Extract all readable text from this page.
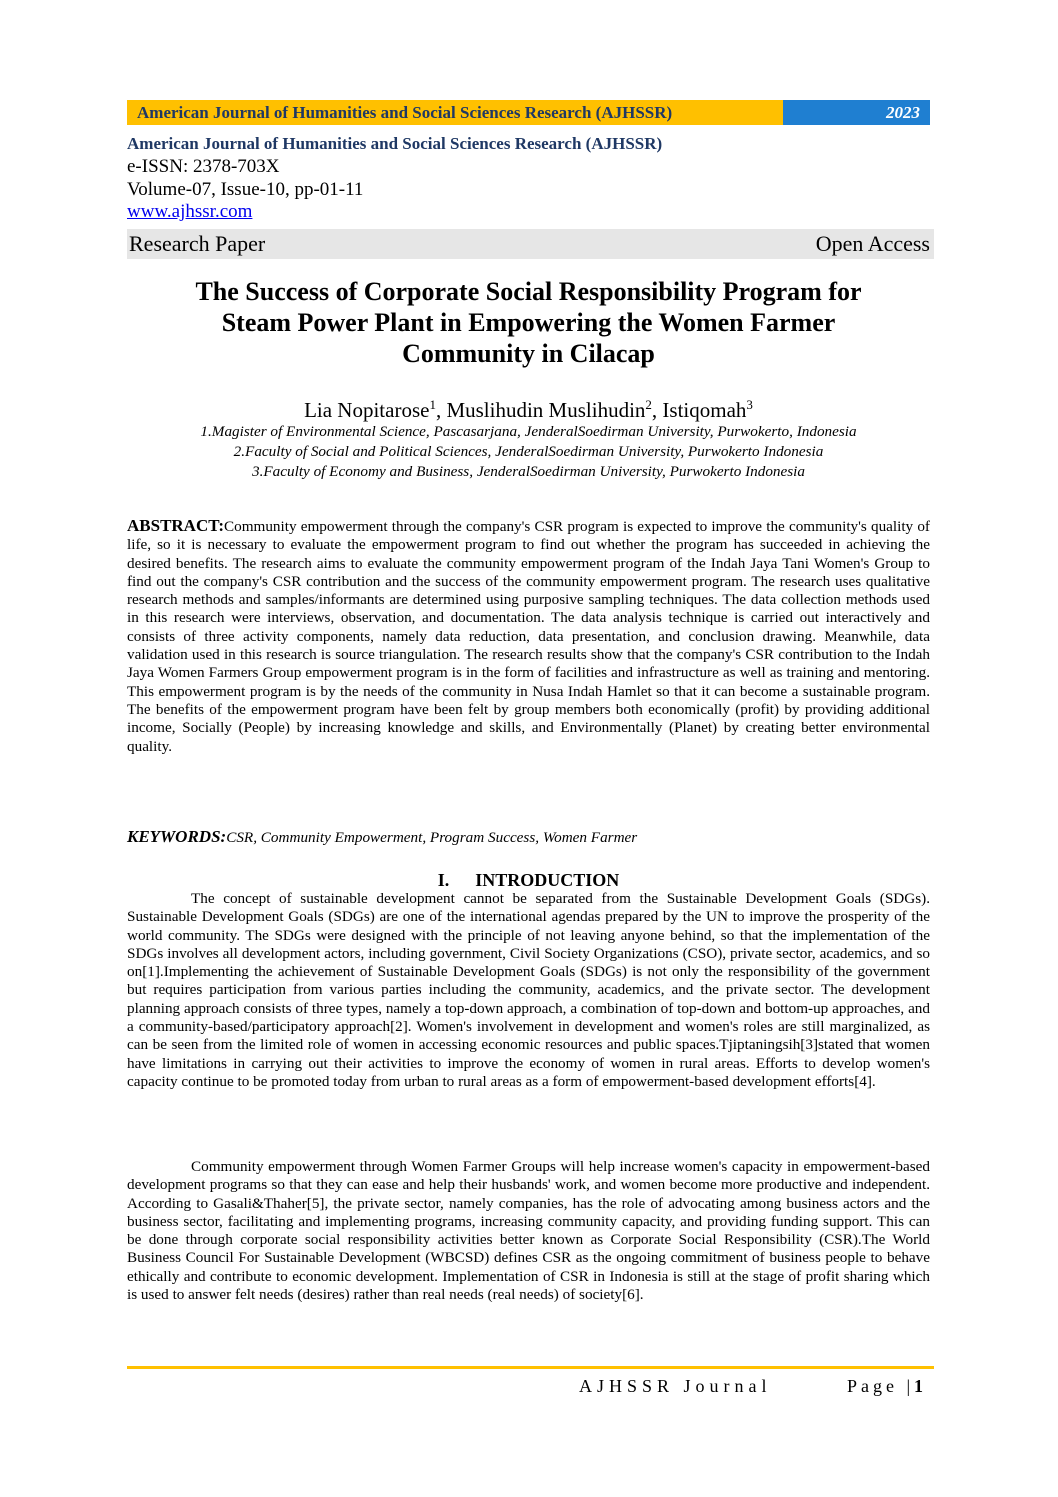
American Journal of Humanities and Social Sciences Research (AJHSSR)	2023
American Journal of Humanities and Social Sciences Research (AJHSSR)
e-ISSN: 2378-703X
Volume-07, Issue-10, pp-01-11
www.ajhssr.com
Research Paper	Open Access
The Success of Corporate Social Responsibility Program for
Steam Power Plant in Empowering the Women Farmer
Community in Cilacap
Lia Nopitarose$^1$, Muslihudin Muslihudin$^2$, Istiqomah$^3$
1.Magister of Environmental Science, Pascasarjana, JenderalSoedirman University, Purwokerto, Indonesia
2.Faculty of Social and Political Sciences, JenderalSoedirman University, Purwokerto Indonesia
3.Faculty of Economy and Business, JenderalSoedirman University, Purwokerto Indonesia

ABSTRACT:Community empowerment through the company's CSR program is expected to improve the community's quality of life, so it is necessary to evaluate the empowerment program to find out whether the program has succeeded in achieving the desired benefits. The research aims to evaluate the community empowerment program of the Indah Jaya Tani Women's Group to find out the company's CSR contribution and the success of the community empowerment program. The research uses qualitative research methods and samples/informants are determined using purposive sampling techniques. The data collection methods used in this research were interviews, observation, and documentation. The data analysis technique is carried out interactively and consists of three activity components, namely data reduction, data presentation, and conclusion drawing. Meanwhile, data validation used in this research is source triangulation. The research results show that the company's CSR contribution to the Indah Jaya Women Farmers Group empowerment program is in the form of facilities and infrastructure as well as training and mentoring. This empowerment program is by the needs of the community in Nusa Indah Hamlet so that it can become a sustainable program. The benefits of the empowerment program have been felt by group members both economically (profit) by providing additional income, Socially (People) by increasing knowledge and skills, and Environmentally (Planet) by creating better environmental quality.

KEYWORDS:CSR, Community Empowerment, Program Success, Women Farmer
I. INTRODUCTION

The concept of sustainable development cannot be separated from the Sustainable Development Goals (SDGs). Sustainable Development Goals (SDGs) are one of the international agendas prepared by the UN to improve the prosperity of the world community. The SDGs were designed with the principle of not leaving anyone behind, so that the implementation of the SDGs involves all development actors, including government, Civil Society Organizations (CSO), private sector, academics, and so on[1].Implementing the achievement of Sustainable Development Goals (SDGs) is not only the responsibility of the government but requires participation from various parties including the community, academics, and the private sector. The development planning approach consists of three types, namely a top-down approach, a combination of top-down and bottom-up approaches, and a community-based/participatory approach[2]. Women's involvement in development and women's roles are still marginalized, as can be seen from the limited role of women in accessing economic resources and public spaces.Tjiptaningsih[3]stated that women have limitations in carrying out their activities to improve the economy of women in rural areas. Efforts to develop women's capacity continue to be promoted today from urban to rural areas as a form of empowerment-based development efforts[4].

Community empowerment through Women Farmer Groups will help increase women's capacity in empowerment-based development programs so that they can ease and help their husbands' work, and women become more productive and independent. According to Gasali&Thaher[5], the private sector, namely companies, has the role of advocating among business actors and the business sector, facilitating and implementing programs, increasing community capacity, and providing funding support. This can be done through corporate social responsibility activities better known as Corporate Social Responsibility (CSR).The World Business Council For Sustainable Development (WBCSD) defines CSR as the ongoing commitment of business people to behave ethically and contribute to economic development. Implementation of CSR in Indonesia is still at the stage of profit sharing which is used to answer felt needs (desires) rather than real needs (real needs) of society[6].

AJHSSR Journal	Page | 1
